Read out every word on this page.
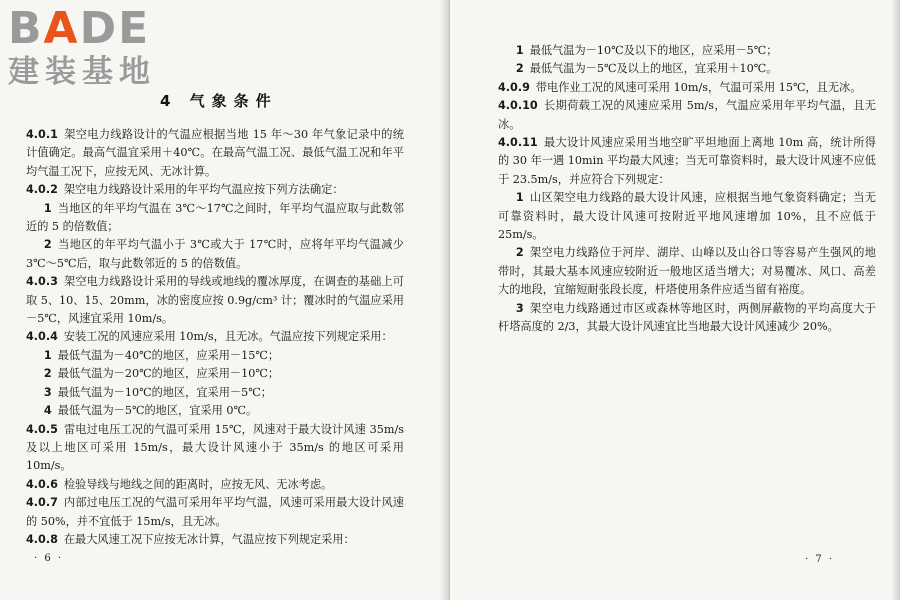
BADE
建装基地
4 气象条件

4.0.1 架空电力线路设计的气温应根据当地 15 年～30 年气象记录中的统计值确定。最高气温宜采用＋40℃。在最高气温工况、最低气温工况和年平均气温工况下，应按无风、无冰计算。

4.0.2 架空电力线路设计采用的年平均气温应按下列方法确定：

1 当地区的年平均气温在 3℃～17℃之间时，年平均气温应取与此数邻近的 5 的倍数值；

2 当地区的年平均气温小于 3℃或大于 17℃时，应将年平均气温减少 3℃～5℃后，取与此数邻近的 5 的倍数值。

4.0.3 架空电力线路设计采用的导线或地线的覆冰厚度，在调查的基础上可取 5、10、15、20mm，冰的密度应按 0.9g/cm³ 计；覆冰时的气温应采用－5℃，风速宜采用 10m/s。

4.0.4 安装工况的风速应采用 10m/s，且无冰。气温应按下列规定采用：

1 最低气温为－40℃的地区，应采用－15℃；

2 最低气温为－20℃的地区，应采用－10℃；

3 最低气温为－10℃的地区，宜采用－5℃；

4 最低气温为－5℃的地区，宜采用 0℃。

4.0.5 雷电过电压工况的气温可采用 15℃，风速对于最大设计风速 35m/s 及以上地区可采用 15m/s，最大设计风速小于 35m/s 的地区可采用 10m/s。

4.0.6 检验导线与地线之间的距离时，应按无风、无冰考虑。

4.0.7 内部过电压工况的气温可采用年平均气温，风速可采用最大设计风速的 50%，并不宜低于 15m/s，且无冰。

4.0.8 在最大风速工况下应按无冰计算，气温应按下列规定采用：

· 6 ·

1 最低气温为－10℃及以下的地区，应采用－5℃；

2 最低气温为－5℃及以上的地区，宜采用＋10℃。

4.0.9 带电作业工况的风速可采用 10m/s，气温可采用 15℃，且无冰。

4.0.10 长期荷载工况的风速应采用 5m/s，气温应采用年平均气温，且无冰。

4.0.11 最大设计风速应采用当地空旷平坦地面上离地 10m 高，统计所得的 30 年一遇 10min 平均最大风速；当无可靠资料时，最大设计风速不应低于 23.5m/s，并应符合下列规定：

1 山区架空电力线路的最大设计风速，应根据当地气象资料确定；当无可靠资料时，最大设计风速可按附近平地风速增加 10%，且不应低于 25m/s。

2 架空电力线路位于河岸、湖岸、山峰以及山谷口等容易产生强风的地带时，其最大基本风速应较附近一般地区适当增大；对易覆冰、风口、高差大的地段，宜缩短耐张段长度，杆塔使用条件应适当留有裕度。

3 架空电力线路通过市区或森林等地区时，两侧屏蔽物的平均高度大于杆塔高度的 2/3，其最大设计风速宜比当地最大设计风速减少 20%。

· 7 ·
